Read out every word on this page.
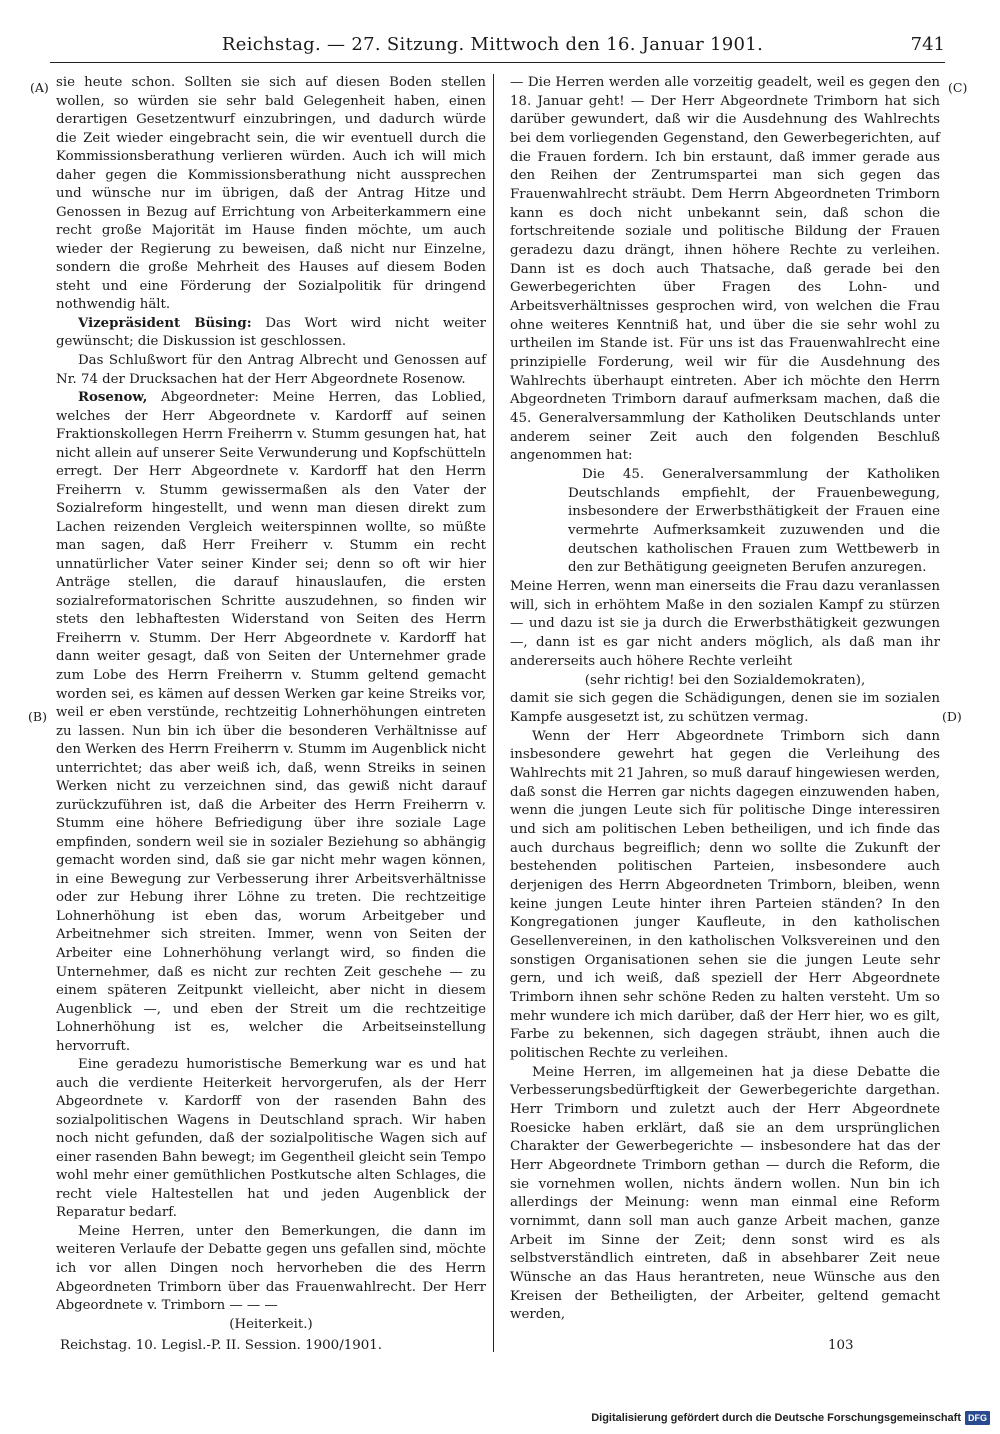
Reichstag. — 27. Sitzung. Mittwoch den 16. Januar 1901.	741
(A)
(B)
(C)
(D)

sie heute schon. Sollten sie sich auf diesen Boden stellen wollen, so würden sie sehr bald Gelegenheit haben, einen derartigen Gesetzentwurf einzubringen, und dadurch würde die Zeit wieder eingebracht sein, die wir eventuell durch die Kommissionsberathung verlieren würden. Auch ich will mich daher gegen die Kommissionsberathung nicht aussprechen und wünsche nur im übrigen, daß der Antrag Hitze und Genossen in Bezug auf Errichtung von Arbeiterkammern eine recht große Majorität im Hause finden möchte, um auch wieder der Regierung zu beweisen, daß nicht nur Einzelne, sondern die große Mehrheit des Hauses auf diesem Boden steht und eine Förderung der Sozialpolitik für dringend nothwendig hält.

Vizepräsident Büsing: Das Wort wird nicht weiter gewünscht; die Diskussion ist geschlossen.

Das Schlußwort für den Antrag Albrecht und Genossen auf Nr. 74 der Drucksachen hat der Herr Abgeordnete Rosenow.

Rosenow, Abgeordneter: Meine Herren, das Loblied, welches der Herr Abgeordnete v. Kardorff auf seinen Fraktionskollegen Herrn Freiherrn v. Stumm gesungen hat, hat nicht allein auf unserer Seite Verwunderung und Kopfschütteln erregt. Der Herr Abgeordnete v. Kardorff hat den Herrn Freiherrn v. Stumm gewissermaßen als den Vater der Sozialreform hingestellt, und wenn man diesen direkt zum Lachen reizenden Vergleich weiterspinnen wollte, so müßte man sagen, daß Herr Freiherr v. Stumm ein recht unnatürlicher Vater seiner Kinder sei; denn so oft wir hier Anträge stellen, die darauf hinauslaufen, die ersten sozialreformatorischen Schritte auszudehnen, so finden wir stets den lebhaftesten Widerstand von Seiten des Herrn Freiherrn v. Stumm. Der Herr Abgeordnete v. Kardorff hat dann weiter gesagt, daß von Seiten der Unternehmer grade zum Lobe des Herrn Freiherrn v. Stumm geltend gemacht worden sei, es kämen auf dessen Werken gar keine Streiks vor, weil er eben verstünde, rechtzeitig Lohnerhöhungen eintreten zu lassen. Nun bin ich über die besonderen Verhältnisse auf den Werken des Herrn Freiherrn v. Stumm im Augenblick nicht unterrichtet; das aber weiß ich, daß, wenn Streiks in seinen Werken nicht zu verzeichnen sind, das gewiß nicht darauf zurückzuführen ist, daß die Arbeiter des Herrn Freiherrn v. Stumm eine höhere Befriedigung über ihre soziale Lage empfinden, sondern weil sie in sozialer Beziehung so abhängig gemacht worden sind, daß sie gar nicht mehr wagen können, in eine Bewegung zur Verbesserung ihrer Arbeitsverhältnisse oder zur Hebung ihrer Löhne zu treten. Die rechtzeitige Lohnerhöhung ist eben das, worum Arbeitgeber und Arbeitnehmer sich streiten. Immer, wenn von Seiten der Arbeiter eine Lohnerhöhung verlangt wird, so finden die Unternehmer, daß es nicht zur rechten Zeit geschehe — zu einem späteren Zeitpunkt vielleicht, aber nicht in diesem Augenblick —, und eben der Streit um die rechtzeitige Lohnerhöhung ist es, welcher die Arbeitseinstellung hervorruft.

Eine geradezu humoristische Bemerkung war es und hat auch die verdiente Heiterkeit hervorgerufen, als der Herr Abgeordnete v. Kardorff von der rasenden Bahn des sozialpolitischen Wagens in Deutschland sprach. Wir haben noch nicht gefunden, daß der sozialpolitische Wagen sich auf einer rasenden Bahn bewegt; im Gegentheil gleicht sein Tempo wohl mehr einer gemüthlichen Postkutsche alten Schlages, die recht viele Haltestellen hat und jeden Augenblick der Reparatur bedarf.

Meine Herren, unter den Bemerkungen, die dann im weiteren Verlaufe der Debatte gegen uns gefallen sind, möchte ich vor allen Dingen noch hervorheben die des Herrn Abgeordneten Trimborn über das Frauenwahlrecht. Der Herr Abgeordnete v. Trimborn — — —

(Heiterkeit.)

— Die Herren werden alle vorzeitig geadelt, weil es gegen den 18. Januar geht! — Der Herr Abgeordnete Trimborn hat sich darüber gewundert, daß wir die Ausdehnung des Wahlrechts bei dem vorliegenden Gegenstand, den Gewerbegerichten, auf die Frauen fordern. Ich bin erstaunt, daß immer gerade aus den Reihen der Zentrumspartei man sich gegen das Frauenwahlrecht sträubt. Dem Herrn Abgeordneten Trimborn kann es doch nicht unbekannt sein, daß schon die fortschreitende soziale und politische Bildung der Frauen geradezu dazu drängt, ihnen höhere Rechte zu verleihen. Dann ist es doch auch Thatsache, daß gerade bei den Gewerbegerichten über Fragen des Lohn- und Arbeitsverhältnisses gesprochen wird, von welchen die Frau ohne weiteres Kenntniß hat, und über die sie sehr wohl zu urtheilen im Stande ist. Für uns ist das Frauenwahlrecht eine prinzipielle Forderung, weil wir für die Ausdehnung des Wahlrechts überhaupt eintreten. Aber ich möchte den Herrn Abgeordneten Trimborn darauf aufmerksam machen, daß die 45. Generalversammlung der Katholiken Deutschlands unter anderem seiner Zeit auch den folgenden Beschluß angenommen hat:

Die 45. Generalversammlung der Katholiken Deutschlands empfiehlt, der Frauenbewegung, insbesondere der Erwerbsthätigkeit der Frauen eine vermehrte Aufmerksamkeit zuzuwenden und die deutschen katholischen Frauen zum Wettbewerb in den zur Bethätigung geeigneten Berufen anzuregen.

Meine Herren, wenn man einerseits die Frau dazu veranlassen will, sich in erhöhtem Maße in den sozialen Kampf zu stürzen — und dazu ist sie ja durch die Erwerbsthätigkeit gezwungen —, dann ist es gar nicht anders möglich, als daß man ihr andererseits auch höhere Rechte verleiht

(sehr richtig! bei den Sozialdemokraten),

damit sie sich gegen die Schädigungen, denen sie im sozialen Kampfe ausgesetzt ist, zu schützen vermag.

Wenn der Herr Abgeordnete Trimborn sich dann insbesondere gewehrt hat gegen die Verleihung des Wahlrechts mit 21 Jahren, so muß darauf hingewiesen werden, daß sonst die Herren gar nichts dagegen einzuwenden haben, wenn die jungen Leute sich für politische Dinge interessiren und sich am politischen Leben betheiligen, und ich finde das auch durchaus begreiflich; denn wo sollte die Zukunft der bestehenden politischen Parteien, insbesondere auch derjenigen des Herrn Abgeordneten Trimborn, bleiben, wenn keine jungen Leute hinter ihren Parteien ständen? In den Kongregationen junger Kaufleute, in den katholischen Gesellenvereinen, in den katholischen Volksvereinen und den sonstigen Organisationen sehen sie die jungen Leute sehr gern, und ich weiß, daß speziell der Herr Abgeordnete Trimborn ihnen sehr schöne Reden zu halten versteht. Um so mehr wundere ich mich darüber, daß der Herr hier, wo es gilt, Farbe zu bekennen, sich dagegen sträubt, ihnen auch die politischen Rechte zu verleihen.

Meine Herren, im allgemeinen hat ja diese Debatte die Verbesserungsbedürftigkeit der Gewerbegerichte dargethan. Herr Trimborn und zuletzt auch der Herr Abgeordnete Roesicke haben erklärt, daß sie an dem ursprünglichen Charakter der Gewerbegerichte — insbesondere hat das der Herr Abgeordnete Trimborn gethan — durch die Reform, die sie vornehmen wollen, nichts ändern wollen. Nun bin ich allerdings der Meinung: wenn man einmal eine Reform vornimmt, dann soll man auch ganze Arbeit machen, ganze Arbeit im Sinne der Zeit; denn sonst wird es als selbstverständlich eintreten, daß in absehbarer Zeit neue Wünsche an das Haus herantreten, neue Wünsche aus den Kreisen der Betheiligten, der Arbeiter, geltend gemacht werden,

Reichstag. 10. Legisl.-P. II. Session. 1900/1901.	103
Digitalisierung gefördert durch die Deutsche Forschungsgemeinschaft DFG
